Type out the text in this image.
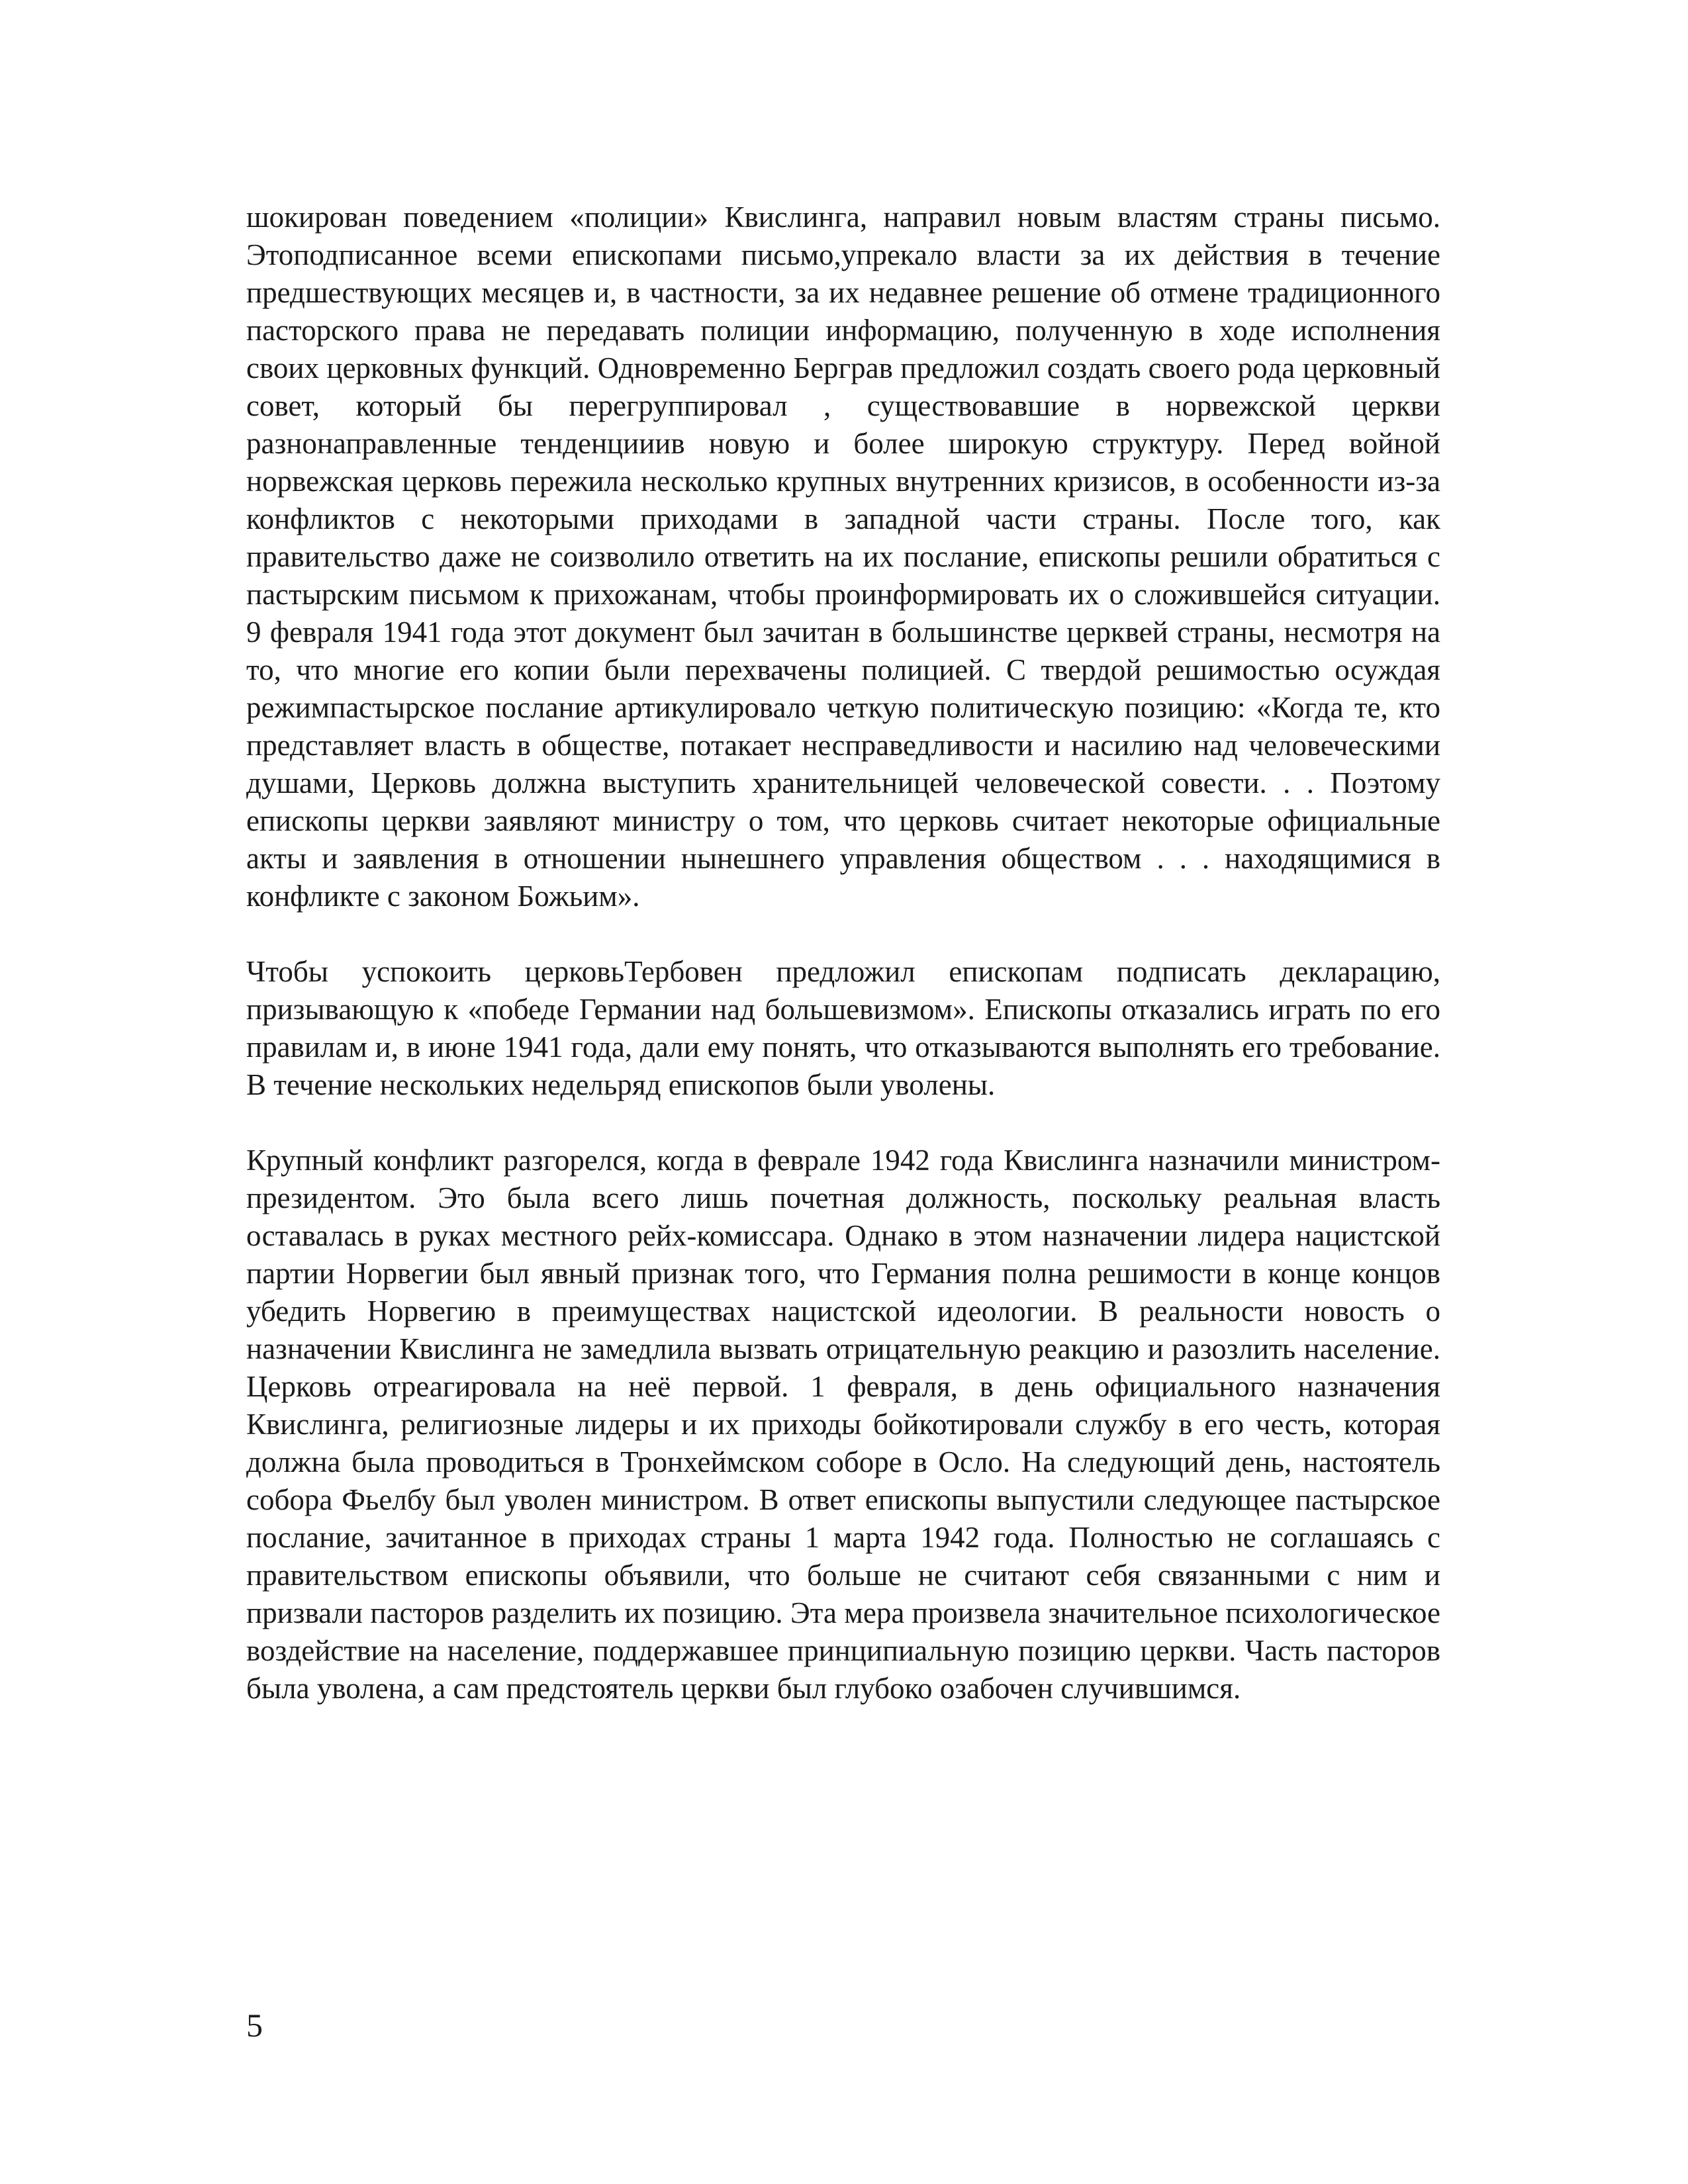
шокирован поведением «полиции» Квислинга, направил новым властям страны письмо. Этоподписанное всеми епископами письмо,упрекало власти за их действия в течение предшествующих месяцев и, в частности, за их недавнее решение об отмене традиционного пасторского права не передавать полиции информацию, полученную в ходе исполнения своих церковных функций. Одновременно Берграв предложил создать своего рода церковный совет, который бы перегруппировал , существовавшие в норвежской церкви разнонаправленные тенденцииив новую и более широкую структуру. Перед войной норвежская церковь пережила несколько крупных внутренних кризисов, в особенности из-за конфликтов с некоторыми приходами в западной части страны. После того, как правительство даже не соизволило ответить на их послание, епископы решили обратиться с пастырским письмом к прихожанам, чтобы проинформировать их о сложившейся ситуации. 9 февраля 1941 года этот документ был зачитан в большинстве церквей страны, несмотря на то, что многие его копии были перехвачены полицией. С твердой решимостью осуждая режимпастырское послание артикулировало четкую политическую позицию: «Когда те, кто представляет власть в обществе, потакает несправедливости и насилию над человеческими душами, Церковь должна выступить хранительницей человеческой совести. . . Поэтому епископы церкви заявляют министру о том, что церковь считает некоторые официальные акты и заявления в отношении нынешнего управления обществом . . . находящимися в конфликте с законом Божьим».

Чтобы успокоить церковьТербовен предложил епископам подписать декларацию, призывающую к «победе Германии над большевизмом». Епископы отказались играть по его правилам и, в июне 1941 года, дали ему понять, что отказываются выполнять его требование. В течение нескольких недельряд епископов были уволены.

Крупный конфликт разгорелся, когда в феврале 1942 года Квислинга назначили министром-президентом. Это была всего лишь почетная должность, поскольку реальная власть оставалась в руках местного рейх-комиссара. Однако в этом назначении лидера нацистской партии Норвегии был явный признак того, что Германия полна решимости в конце концов убедить Норвегию в преимуществах нацистской идеологии. В реальности новость о назначении Квислинга не замедлила вызвать отрицательную реакцию и разозлить население. Церковь отреагировала на неё первой. 1 февраля, в день официального назначения Квислинга, религиозные лидеры и их приходы бойкотировали службу в его честь, которая должна была проводиться в Тронхеймском соборе в Осло. На следующий день, настоятель собора Фьелбу был уволен министром. В ответ епископы выпустили следующее пастырское послание, зачитанное в приходах страны 1 марта 1942 года. Полностью не соглашаясь с правительством епископы объявили, что больше не считают себя связанными с ним и призвали пасторов разделить их позицию. Эта мера произвела значительное психологическое воздействие на население, поддержавшее принципиальную позицию церкви. Часть пасторов была уволена, а сам предстоятель церкви был глубоко озабочен случившимся.

5
